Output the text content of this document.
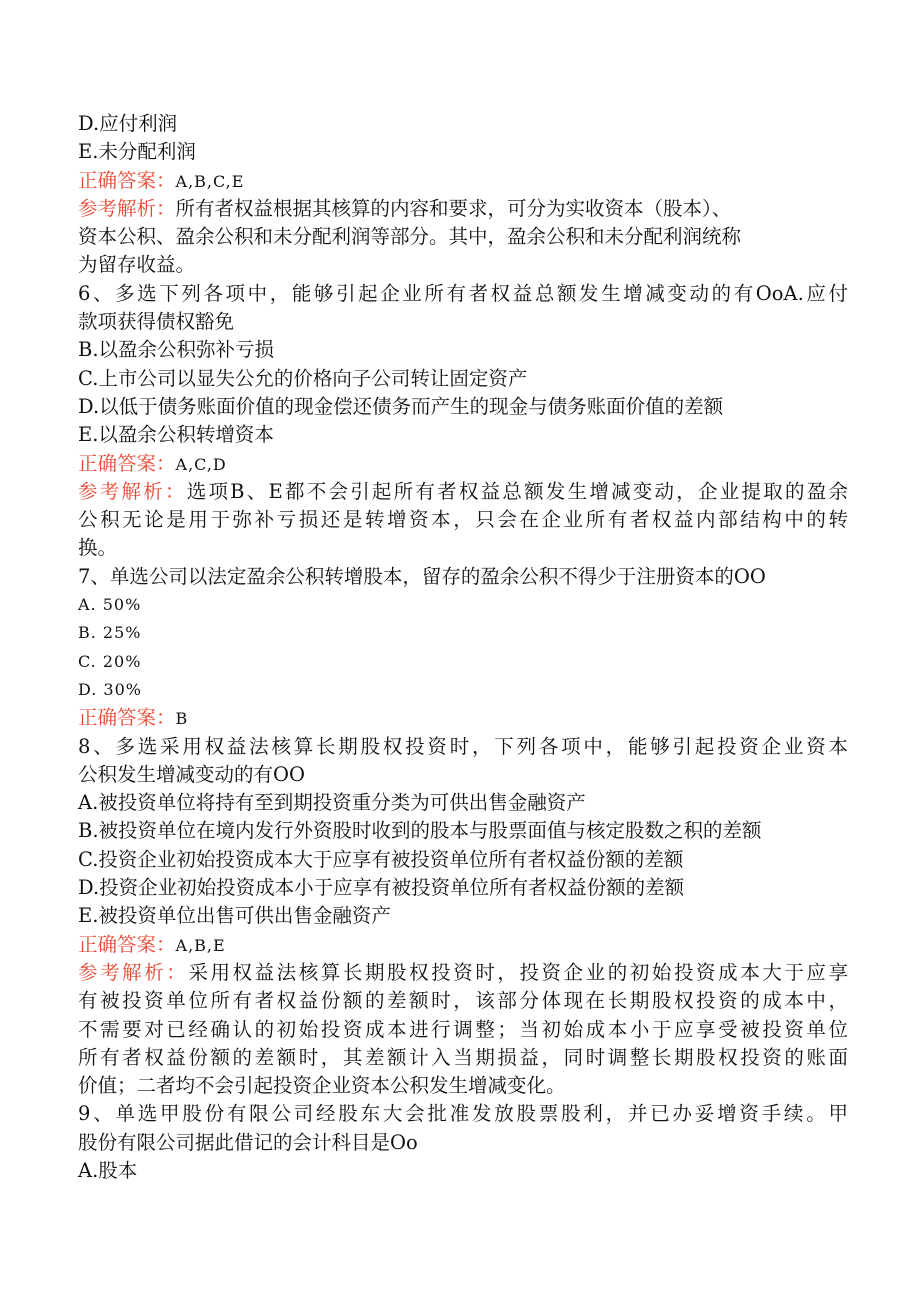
D.应付利润
E.未分配利润
正确答案：A,B,C,E
参考解析：所有者权益根据其核算的内容和要求，可分为实收资本（股本）、
资本公积、盈余公积和未分配利润等部分。其中，盈余公积和未分配利润统称
为留存收益。
6、多选下列各项中，能够引起企业所有者权益总额发生增减变动的有OoA.应付
款项获得债权豁免
B.以盈余公积弥补亏损
C.上市公司以显失公允的价格向子公司转让固定资产
D.以低于债务账面价值的现金偿还债务而产生的现金与债务账面价值的差额
E.以盈余公积转增资本
正确答案：A,C,D
参考解析：选项B、E都不会引起所有者权益总额发生增减变动，企业提取的盈余
公积无论是用于弥补亏损还是转增资本，只会在企业所有者权益内部结构中的转
换。
7、单选公司以法定盈余公积转增股本，留存的盈余公积不得少于注册资本的OO
A. 50%
B. 25%
C. 20%
D. 30%
正确答案：B
8、多选采用权益法核算长期股权投资时，下列各项中，能够引起投资企业资本
公积发生增减变动的有OO
A.被投资单位将持有至到期投资重分类为可供出售金融资产
B.被投资单位在境内发行外资股时收到的股本与股票面值与核定股数之积的差额
C.投资企业初始投资成本大于应享有被投资单位所有者权益份额的差额
D.投资企业初始投资成本小于应享有被投资单位所有者权益份额的差额
E.被投资单位出售可供出售金融资产
正确答案：A,B,E
参考解析：采用权益法核算长期股权投资时，投资企业的初始投资成本大于应享
有被投资单位所有者权益份额的差额时，该部分体现在长期股权投资的成本中，
不需要对已经确认的初始投资成本进行调整；当初始成本小于应享受被投资单位
所有者权益份额的差额时，其差额计入当期损益，同时调整长期股权投资的账面
价值；二者均不会引起投资企业资本公积发生增减变化。
9、单选甲股份有限公司经股东大会批准发放股票股利，并已办妥增资手续。甲
股份有限公司据此借记的会计科目是Oo
A.股本
